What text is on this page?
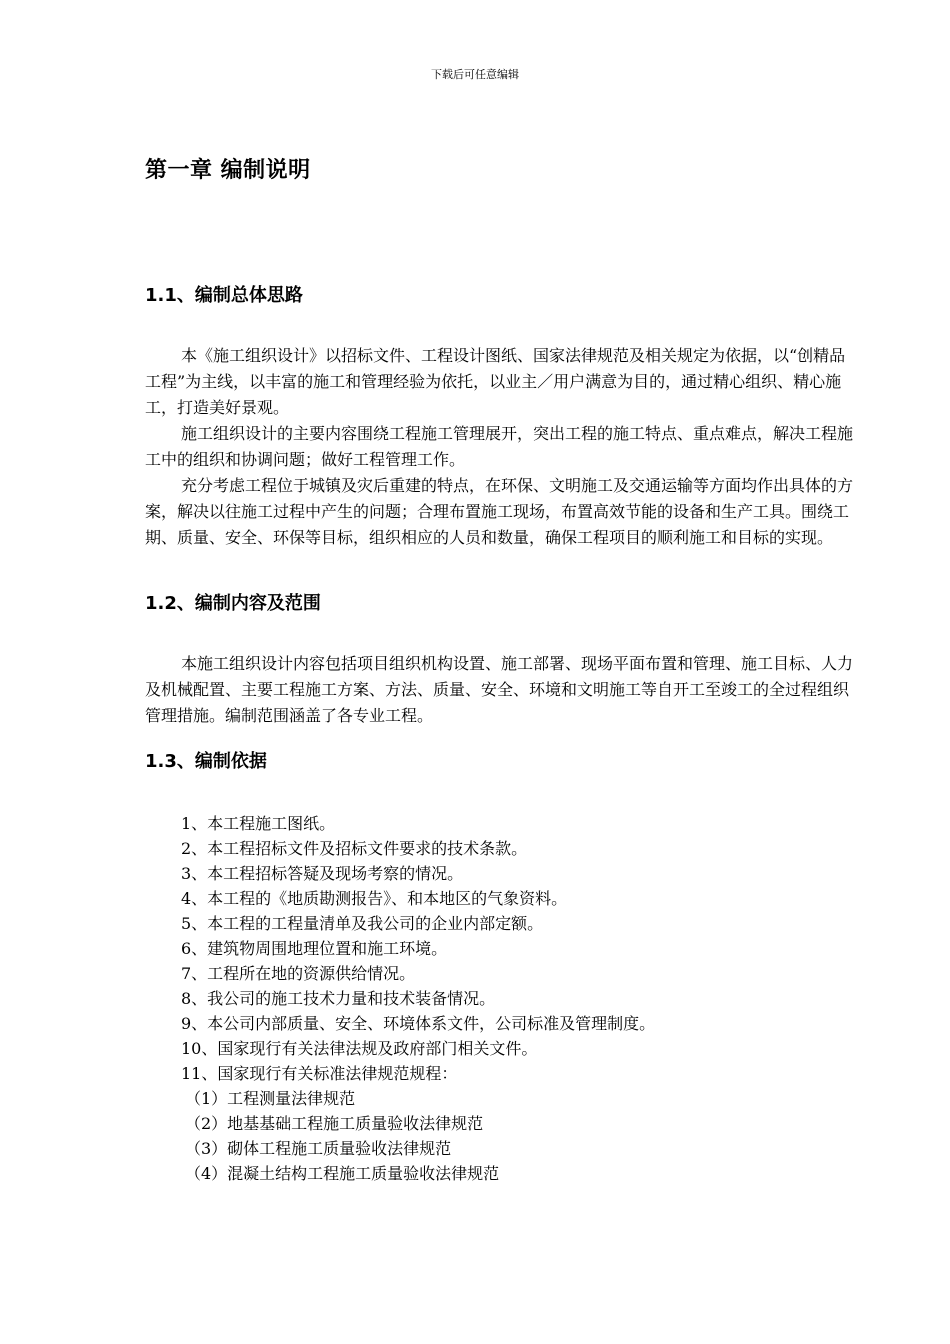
下载后可任意编辑
第一章 编制说明
1.1、编制总体思路

本《施工组织设计》以招标文件、工程设计图纸、国家法律规范及相关规定为依据，以“创精品工程”为主线，以丰富的施工和管理经验为依托，以业主／用户满意为目的，通过精心组织、精心施工，打造美好景观。

施工组织设计的主要内容围绕工程施工管理展开，突出工程的施工特点、重点难点，解决工程施工中的组织和协调问题；做好工程管理工作。

充分考虑工程位于城镇及灾后重建的特点，在环保、文明施工及交通运输等方面均作出具体的方案，解决以往施工过程中产生的问题；合理布置施工现场，布置高效节能的设备和生产工具。围绕工期、质量、安全、环保等目标，组织相应的人员和数量，确保工程项目的顺利施工和目标的实现。

1.2、编制内容及范围

本施工组织设计内容包括项目组织机构设置、施工部署、现场平面布置和管理、施工目标、人力及机械配置、主要工程施工方案、方法、质量、安全、环境和文明施工等自开工至竣工的全过程组织管理措施。编制范围涵盖了各专业工程。

1.3、编制依据
1、本工程施工图纸。
2、本工程招标文件及招标文件要求的技术条款。
3、本工程招标答疑及现场考察的情况。
4、本工程的《地质勘测报告》、和本地区的气象资料。
5、本工程的工程量清单及我公司的企业内部定额。
6、建筑物周围地理位置和施工环境。
7、工程所在地的资源供给情况。
8、我公司的施工技术力量和技术装备情况。
9、本公司内部质量、安全、环境体系文件，公司标准及管理制度。
10、国家现行有关法律法规及政府部门相关文件。
11、国家现行有关标准法律规范规程：
（1）工程测量法律规范
（2）地基基础工程施工质量验收法律规范
（3）砌体工程施工质量验收法律规范
（4）混凝土结构工程施工质量验收法律规范
